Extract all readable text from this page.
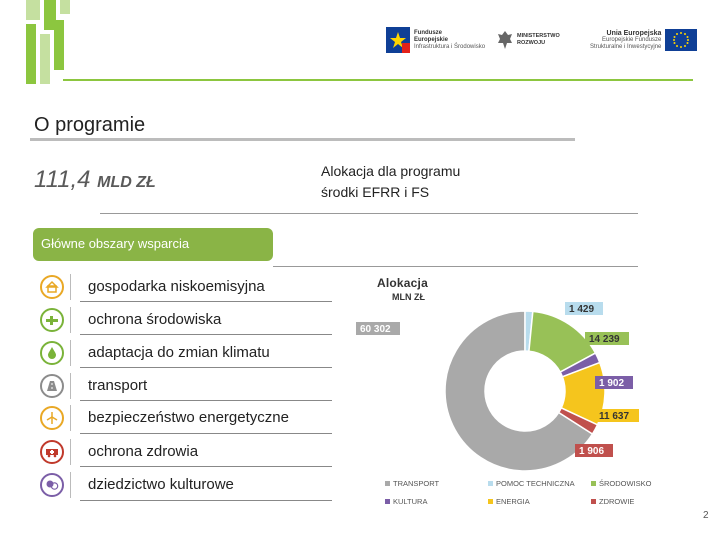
Fundusze
Europejskie
Infrastruktura i Środowisko
MINISTERSTWO
ROZWOJU
Unia Europejska
Europejskie Fundusze
Strukturalne i Inwestycyjne
O programie
111,4 MLD ZŁ
Alokacja dla programu
środki EFRR i FS
Główne obszary wsparcia
gospodarka niskoemisyjna
ochrona środowiska
adaptacja do zmian klimatu
transport
bezpieczeństwo energetyczne
ochrona zdrowia
dziedzictwo kulturowe
Alokacja
MLN ZŁ
60 302
1 429
14 239
1 902
11 637
1 906
TRANSPORT	POMOC TECHNICZNA	ŚRODOWISKO
KULTURA	ENERGIA	ZDROWIE
2
